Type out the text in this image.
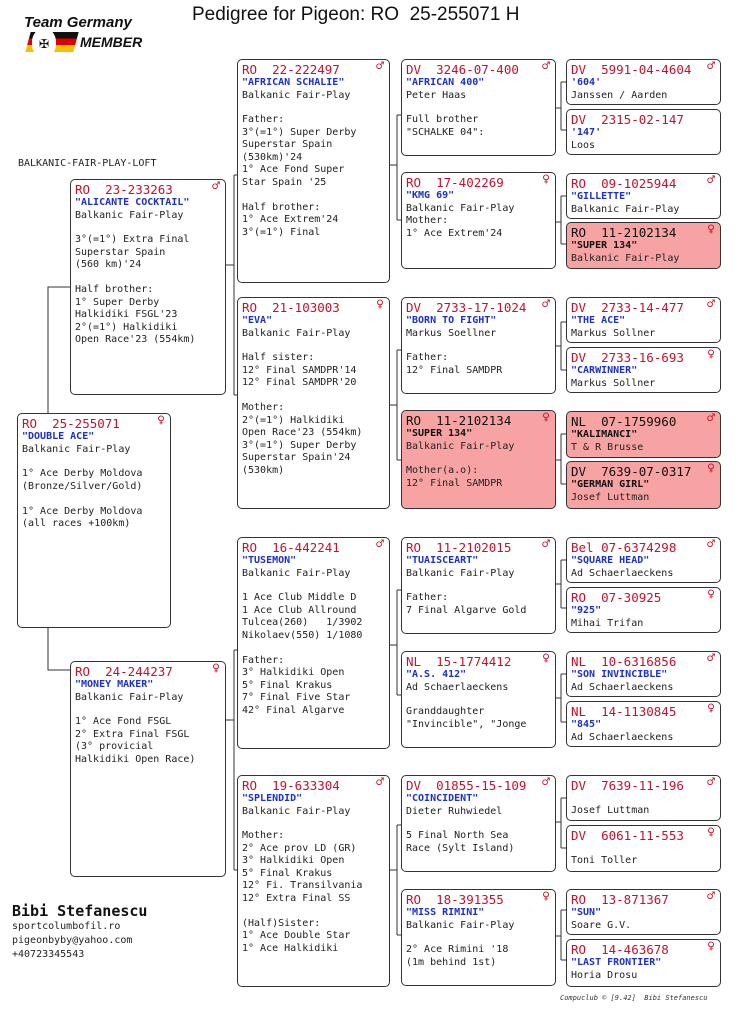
Pedigree for Pigeon: RO  25-255071 H
✠
Team Germany
MEMBER
BALKANIC-FAIR-PLAY-LOFT
RO  25-255071	♀
"DOUBLE ACE"
Balkanic Fair-Play
1° Ace Derby Moldova
(Bronze/Silver/Gold)

1° Ace Derby Moldova
(all races +100km)
RO  23-233263	♂
"ALICANTE COCKTAIL"
Balkanic Fair-Play
3°(=1°) Extra Final
Superstar Spain
(560 km)'24

Half brother:
1° Super Derby
Halkidiki FSGL'23
2°(=1°) Halkidiki
Open Race'23 (554km)
RO  24-244237	♀
"MONEY MAKER"
Balkanic Fair-Play
1° Ace Fond FSGL
2° Extra Final FSGL
(3° provicial
Halkidiki Open Race)
RO  22-222497	♂
"AFRICAN SCHALIE"
Balkanic Fair-Play
Father:
3°(=1°) Super Derby
Superstar Spain
(530km)'24
1° Ace Fond Super
Star Spain '25

Half brother:
1° Ace Extrem'24
3°(=1°) Final
RO  21-103003	♀
"EVA"
Balkanic Fair-Play
Half sister:
12° Final SAMDPR'14
12° Final SAMDPR'20

Mother:
2°(=1°) Halkidiki
Open Race'23 (554km)
3°(=1°) Super Derby
Superstar Spain'24
(530km)
RO  16-442241	♂
"TUSEMON"
Balkanic Fair-Play
1 Ace Club Middle D
1 Ace Club Allround
Tulcea(260)   1/3902
Nikolaev(550) 1/1080

Father:
3° Halkidiki Open
5° Final Krakus
7° Final Five Star
42° Final Algarve
RO  19-633304	♂
"SPLENDID"
Balkanic Fair-Play
Mother:
2° Ace prov LD (GR)
3° Halkidiki Open
5° Final Krakus
12° Fi. Transilvania
12° Extra Final SS

(Half)Sister:
1° Ace Double Star
1° Ace Halkidiki
DV  3246-07-400	♂
"AFRICAN 400"
Peter Haas
Full brother
"SCHALKE 04":
RO  17-402269	♀
"KMG 69"
Balkanic Fair-Play
Mother:
1° Ace Extrem'24
DV  2733-17-1024	♂
"BORN TO FIGHT"
Markus Soellner
Father:
12° Final SAMDPR
RO  11-2102134	♀
"SUPER 134"
Balkanic Fair-Play
Mother(a.o):
12° Final SAMDPR
RO  11-2102015	♂
"TUAISCEART"
Balkanic Fair-Play
Father:
7 Final Algarve Gold
NL  15-1774412	♀
"A.S. 412"
Ad Schaerlaeckens
Granddaughter
"Invincible", "Jonge
DV  01855-15-109	♂
"COINCIDENT"
Dieter Ruhwiedel
5 Final North Sea
Race (Sylt Island)
RO  18-391355	♀
"MISS RIMINI"
Balkanic Fair-Play
2° Ace Rimini '18
(1m behind 1st)
DV  5991-04-4604	♂
'604'
Janssen / Aarden
DV  2315-02-147
'147'
Loos
RO  09-1025944	♂
"GILLETTE"
Balkanic Fair-Play
RO  11-2102134	♀
"SUPER 134"
Balkanic Fair-Play
DV  2733-14-477	♂
"THE ACE"
Markus Sollner
DV  2733-16-693	♀
"CARWINNER"
Markus Sollner
NL  07-1759960	♂
"KALIMANCI"
T & R Brusse
DV  7639-07-0317	♀
"GERMAN GIRL"
Josef Luttman
Bel 07-6374298	♂
"SQUARE HEAD"
Ad Schaerlaeckens
RO  07-30925	♀
"925"
Mihai Trifan
NL  10-6316856	♂
"SON INVINCIBLE"
Ad Schaerlaeckens
NL  14-1130845	♀
"845"
Ad Schaerlaeckens
DV  7639-11-196	♂
Josef Luttman
DV  6061-11-553	♀
Toni Toller
RO  13-871367	♂
"SUN"
Soare G.V.
RO  14-463678	♀
"LAST FRONTIER"
Horia Drosu
Bibi Stefanescu
sportcolumbofil.ro
pigeonbyby@yahoo.com
+40723345543
Compuclub © [9.42]  Bibi Stefanescu
